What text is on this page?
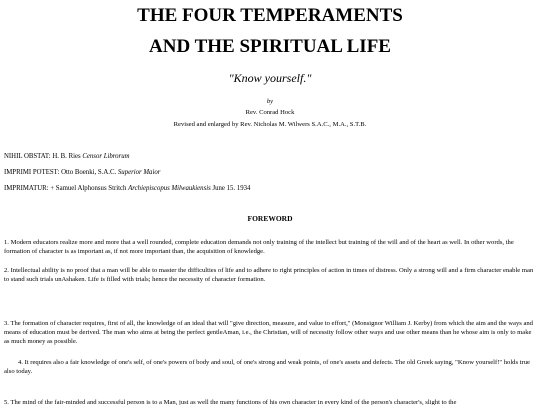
THE FOUR TEMPERAMENTS
AND THE SPIRITUAL LIFE
"Know yourself."
by
Rev. Conrad Hock
Revised and enlarged by Rev. Nicholas M. Wilwers S.A.C., M.A., S.T.B.
NIHIL OBSTAT: H. B. Ries Censor Librorum
IMPRIMI POTEST: Otto Boenki, S.A.C. Superior Maior
IMPRIMATUR: + Samuel Alphonsus Stritch Archiepiscopus Milwaukiensis June 15. 1934
FOREWORD

1. Modern educators realize more and more that a well rounded, complete education demands not only training of the intellect but training of the will and of the heart as well. In other words, the formation of character is as important as, if not more important than, the acquisition of knowledge.

2. Intellectual ability is no proof that a man will be able to master the difficulties of life and to adhere to right principles of action in times of distress. Only a strong will and a firm character enable man to stand such trials unAshaken. Life is filled with trials; hence the necessity of character formation.

3. The formation of character requires, first of all, the knowledge of an ideal that will "give direction, measure, and value to effort," (Monsignor William J. Kerby) from which the aim and the ways and means of education must be derived. The man who aims at being the perfect gentleAman, i.e., the Christian, will of necessity follow other ways and use other means than he whose aim is only to make as much money as possible.

4. It requires also a fair knowledge of one's self, of one's powers of body and soul, of one's strong and weak points, of one's assets and defects. The old Greek saying, "Know yourself!" holds true also today.

5. The mind of the fair-minded and successful person is to a Man, just as well the many functions of his own character in every kind of the person's character's, slight to the
